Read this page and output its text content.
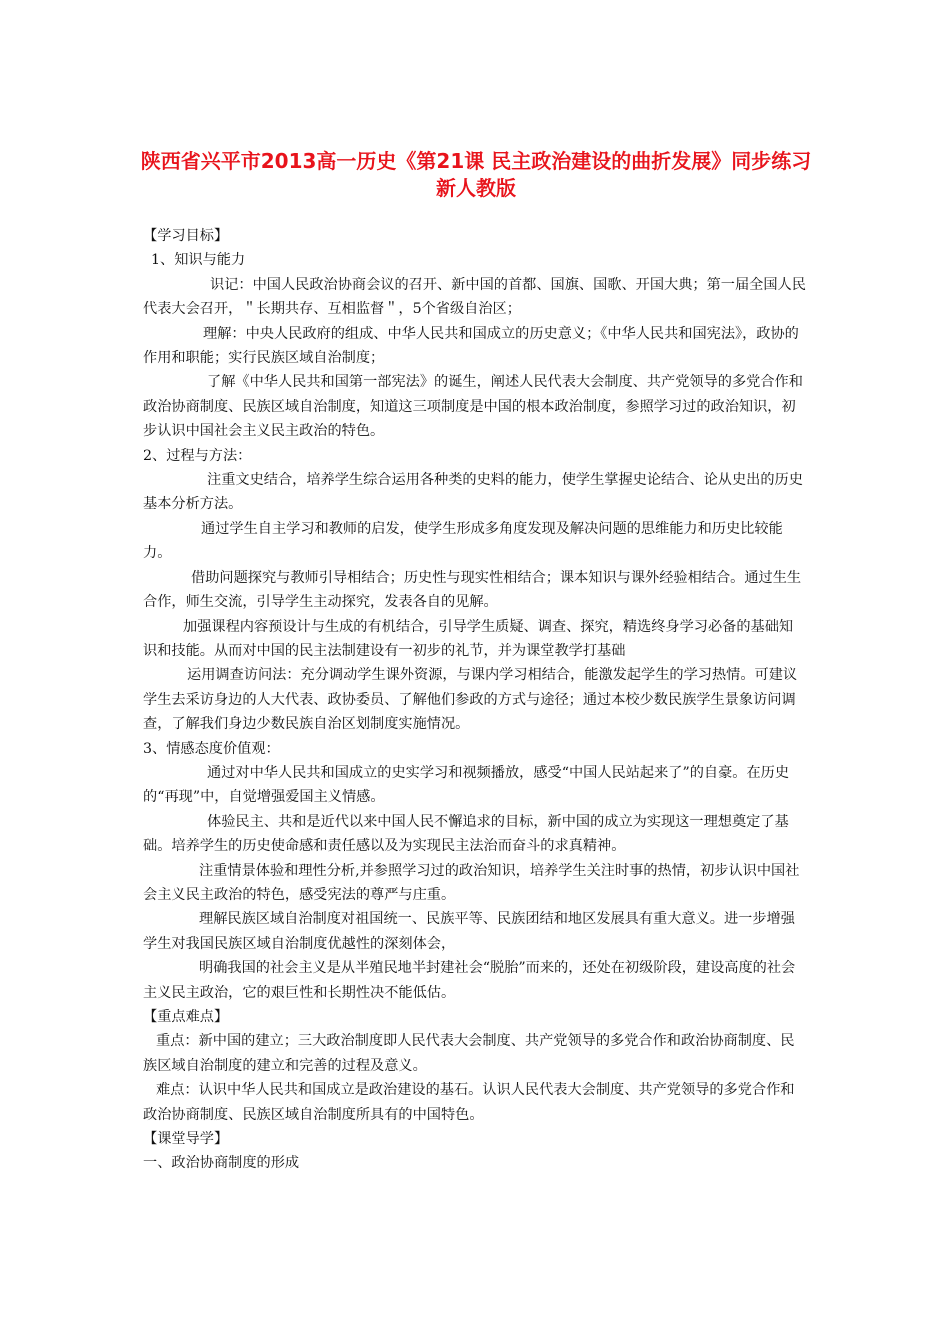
陕西省兴平市2013高一历史《第21课 民主政治建设的曲折发展》同步练习 新人教版

【学习目标】

1、知识与能力

识记：中国人民政治协商会议的召开、新中国的首都、国旗、国歌、开国大典；第一届全国人民代表大会召开，＂长期共存、互相监督＂，5个省级自治区；

理解：中央人民政府的组成、中华人民共和国成立的历史意义；《中华人民共和国宪法》，政协的作用和职能；实行民族区域自治制度；

了解《中华人民共和国第一部宪法》的诞生，阐述人民代表大会制度、共产党领导的多党合作和政治协商制度、民族区域自治制度，知道这三项制度是中国的根本政治制度，参照学习过的政治知识，初步认识中国社会主义民主政治的特色。

2、过程与方法：

注重文史结合，培养学生综合运用各种类的史料的能力，使学生掌握史论结合、论从史出的历史基本分析方法。

通过学生自主学习和教师的启发，使学生形成多角度发现及解决问题的思维能力和历史比较能力。

借助问题探究与教师引导相结合；历史性与现实性相结合；课本知识与课外经验相结合。通过生生合作，师生交流，引导学生主动探究，发表各自的见解。

加强课程内容预设计与生成的有机结合，引导学生质疑、调查、探究，精选终身学习必备的基础知识和技能。从而对中国的民主法制建设有一初步的礼节，并为课堂教学打基础

运用调查访问法：充分调动学生课外资源，与课内学习相结合，能激发起学生的学习热情。可建议学生去采访身边的人大代表、政协委员、了解他们参政的方式与途径；通过本校少数民族学生景象访问调查，了解我们身边少数民族自治区划制度实施情况。

3、情感态度价值观：

通过对中华人民共和国成立的史实学习和视频播放，感受“中国人民站起来了”的自豪。在历史的“再现”中，自觉增强爱国主义情感。

体验民主、共和是近代以来中国人民不懈追求的目标，新中国的成立为实现这一理想奠定了基础。培养学生的历史使命感和责任感以及为实现民主法治而奋斗的求真精神。

注重情景体验和理性分析,并参照学习过的政治知识，培养学生关注时事的热情，初步认识中国社会主义民主政治的特色，感受宪法的尊严与庄重。

理解民族区域自治制度对祖国统一、民族平等、民族团结和地区发展具有重大意义。进一步增强学生对我国民族区域自治制度优越性的深刻体会，

明确我国的社会主义是从半殖民地半封建社会“脱胎”而来的，还处在初级阶段，建设高度的社会主义民主政治，它的艰巨性和长期性决不能低估。

【重点难点】

重点：新中国的建立；三大政治制度即人民代表大会制度、共产党领导的多党合作和政治协商制度、民族区域自治制度的建立和完善的过程及意义。

难点：认识中华人民共和国成立是政治建设的基石。认识人民代表大会制度、共产党领导的多党合作和政治协商制度、民族区域自治制度所具有的中国特色。

【课堂导学】

一、政治协商制度的形成
